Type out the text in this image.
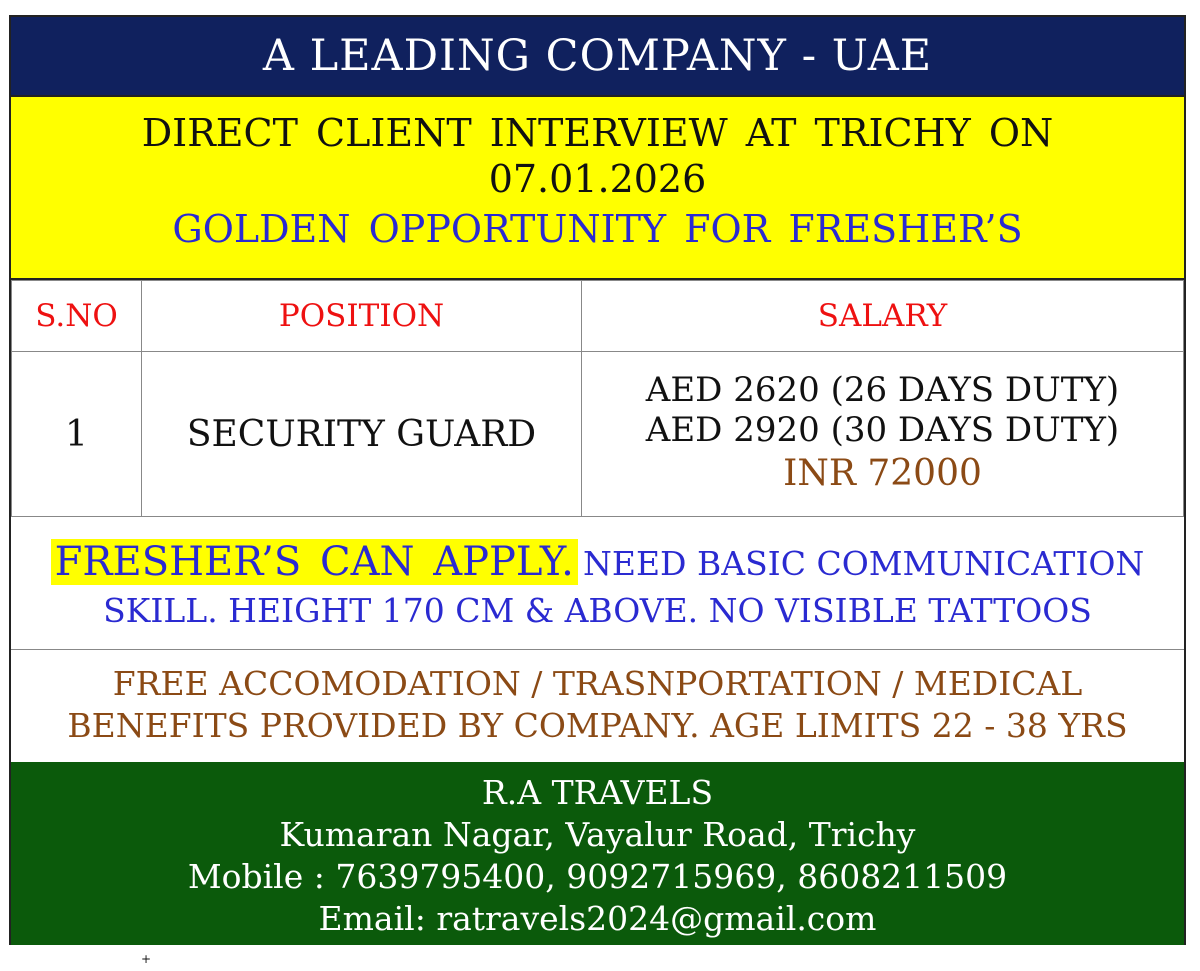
A LEADING COMPANY - UAE
DIRECT CLIENT INTERVIEW AT TRICHY ON
07.01.2026
GOLDEN OPPORTUNITY FOR FRESHER’S
S.NO	POSITION	SALARY
1	SECURITY GUARD	AED 2620 (26 DAYS DUTY)
AED 2920 (30 DAYS DUTY)
INR 72000
FRESHER’S CAN APPLY. NEED BASIC COMMUNICATION
SKILL. HEIGHT 170 CM & ABOVE. NO VISIBLE TATTOOS
FREE ACCOMODATION / TRASNPORTATION / MEDICAL
BENEFITS PROVIDED BY COMPANY. AGE LIMITS 22 - 38 YRS
R.A TRAVELS
Kumaran Nagar, Vayalur Road, Trichy
Mobile : 7639795400, 9092715969, 8608211509
Email: ratravels2024@gmail.com
+
